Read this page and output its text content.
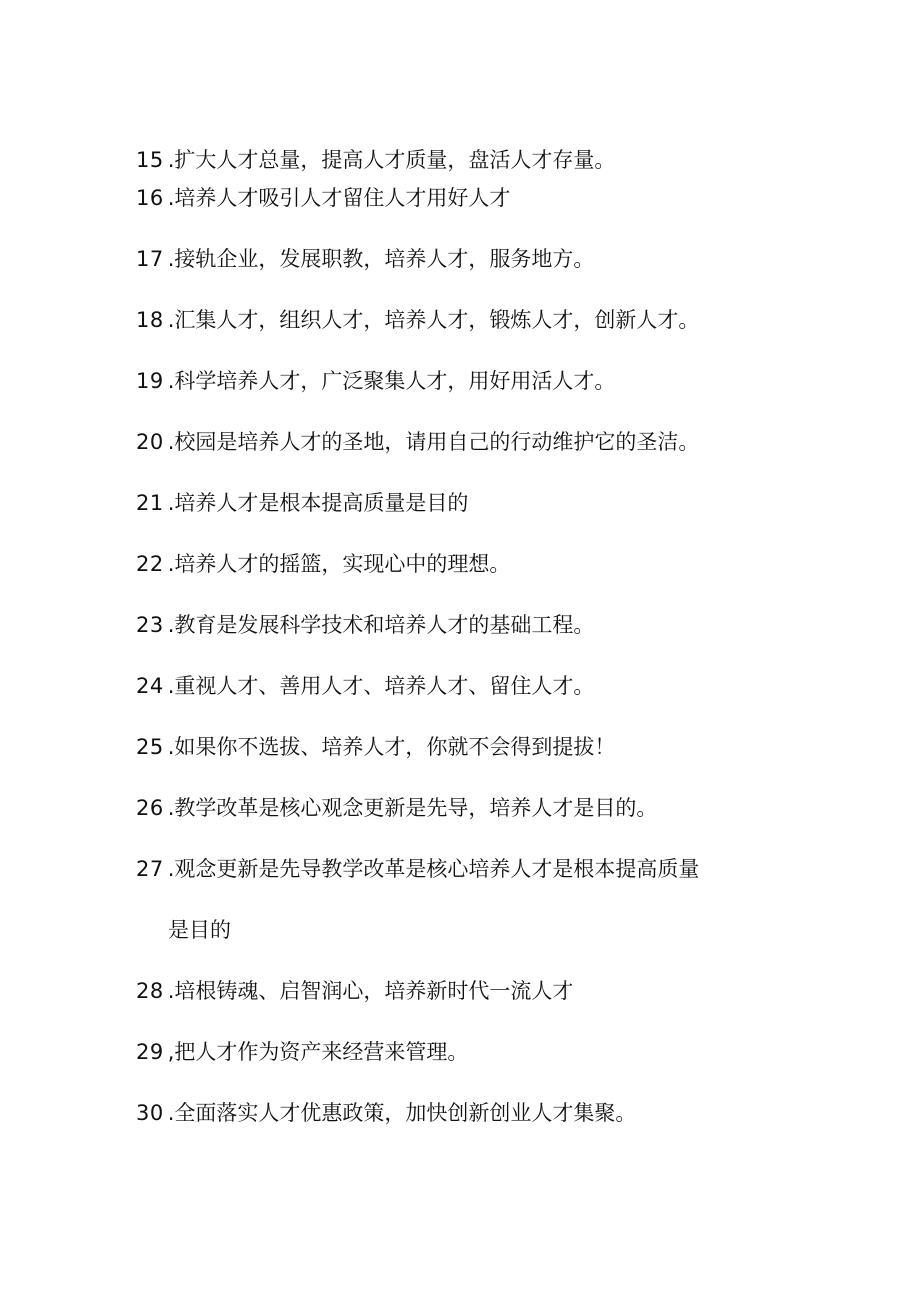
15 .扩大人才总量，提高人才质量，盘活人才存量。
16 .培养人才吸引人才留住人才用好人才
17 .接轨企业，发展职教，培养人才，服务地方。
18 .汇集人才，组织人才，培养人才，锻炼人才，创新人才。
19 .科学培养人才，广泛聚集人才，用好用活人才。
20 .校园是培养人才的圣地，请用自己的行动维护它的圣洁。
21 .培养人才是根本提高质量是目的
22 .培养人才的摇篮，实现心中的理想。
23 .教育是发展科学技术和培养人才的基础工程。
24 .重视人才、善用人才、培养人才、留住人才。
25 .如果你不选拔、培养人才，你就不会得到提拔！
26 .教学改革是核心观念更新是先导，培养人才是目的。
27 .观念更新是先导教学改革是核心培养人才是根本提高质量
是目的
28 .培根铸魂、启智润心，培养新时代一流人才
29 ,把人才作为资产来经营来管理。
30 .全面落实人才优惠政策，加快创新创业人才集聚。
